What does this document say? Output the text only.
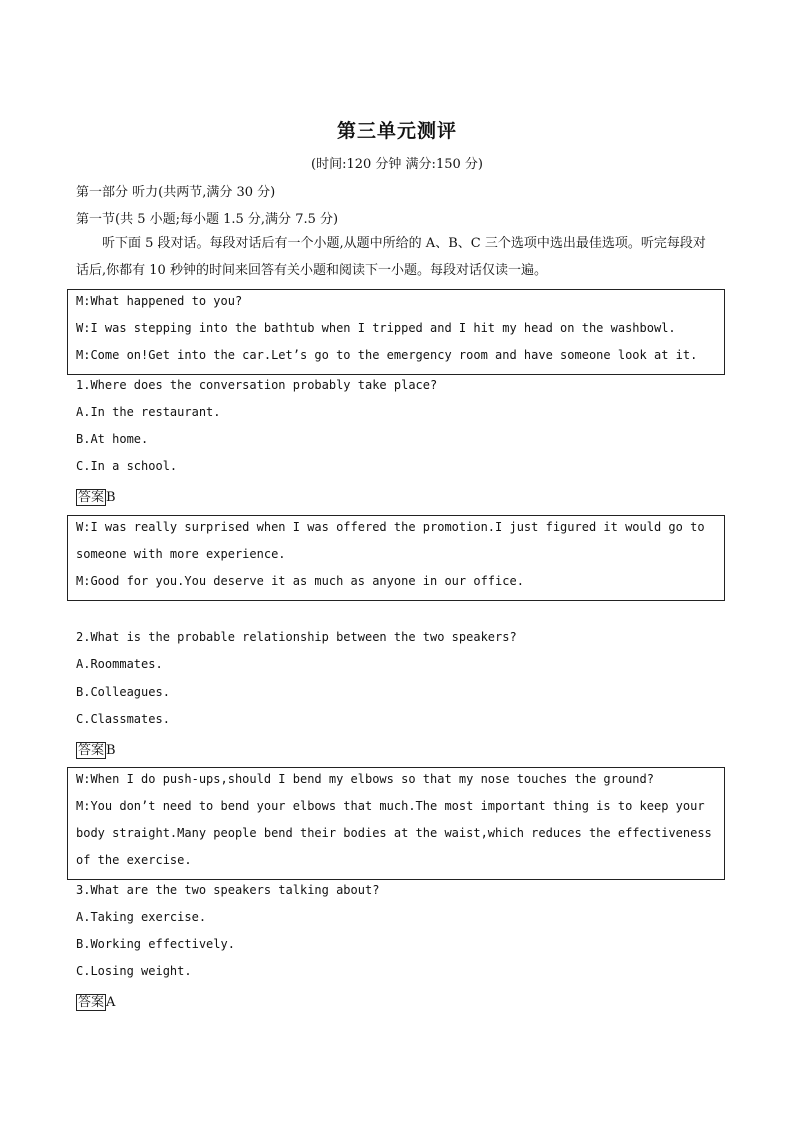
第三单元测评
(时间:120 分钟 满分:150 分)
第一部分 听力(共两节,满分 30 分)
第一节(共 5 小题;每小题 1.5 分,满分 7.5 分)
听下面 5 段对话。每段对话后有一个小题,从题中所给的 A、B、C 三个选项中选出最佳选项。听完每段对话后,你都有 10 秒钟的时间来回答有关小题和阅读下一小题。每段对话仅读一遍。
M:What happened to you?
W:I was stepping into the bathtub when I tripped and I hit my head on the washbowl.
M:Come on!Get into the car.Let’s go to the emergency room and have someone look at it.
1.Where does the conversation probably take place?
A.In the restaurant.
B.At home.
C.In a school.
答案 B
W:I was really surprised when I was offered the promotion.I just figured it would go to someone with more experience.
M:Good for you.You deserve it as much as anyone in our office.
2.What is the probable relationship between the two speakers?
A.Roommates.
B.Colleagues.
C.Classmates.
答案 B
W:When I do push-ups,should I bend my elbows so that my nose touches the ground?
M:You don’t need to bend your elbows that much.The most important thing is to keep your body straight.Many people bend their bodies at the waist,which reduces the effectiveness of the exercise.
3.What are the two speakers talking about?
A.Taking exercise.
B.Working effectively.
C.Losing weight.
答案 A
